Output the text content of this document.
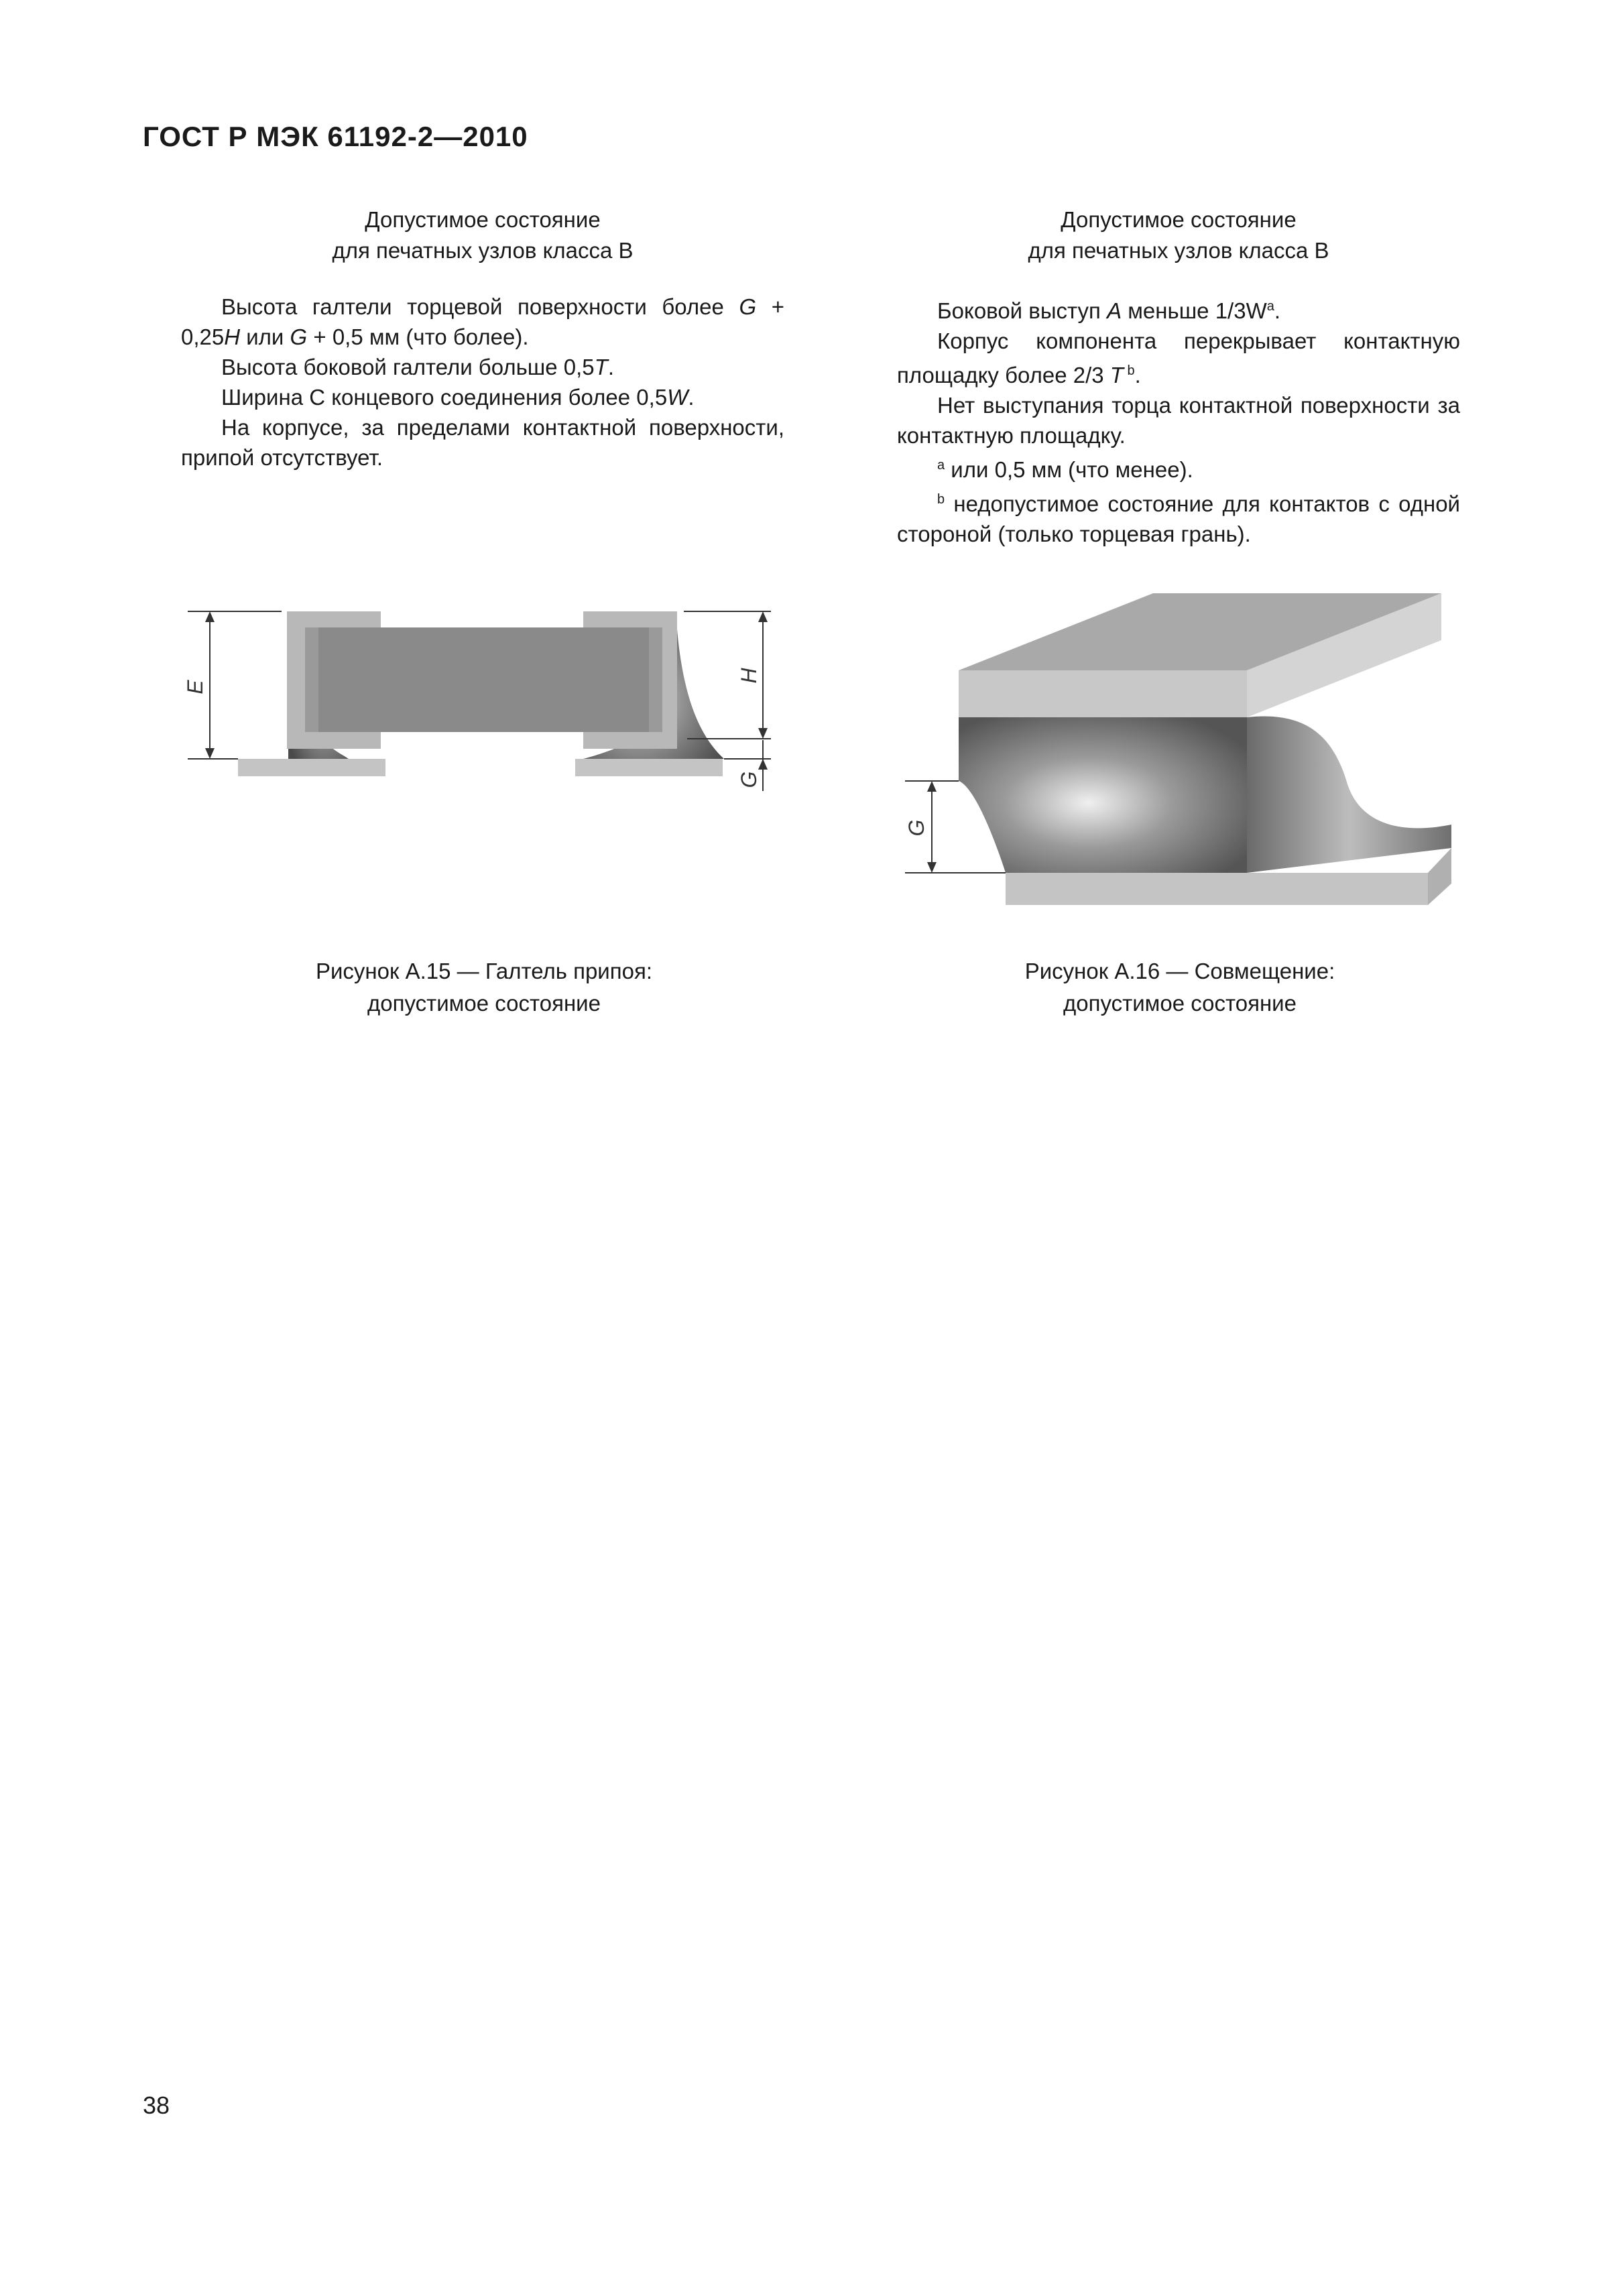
ГОСТ Р МЭК 61192-2—2010

Допустимое состояние

для печатных узлов класса В

Высота галтели торцевой поверхности более G + 0,25H или G + 0,5 мм (что более).

Высота боковой галтели больше 0,5T.

Ширина С концевого соединения более 0,5W.

На корпусе, за пределами контактной поверхности, припой отсутствует.

Допустимое состояние

для печатных узлов класса В

Боковой выступ A меньше $1/3W^a$.

Корпус компонента перекрывает контактную площадку более 2/3 T $^b$.

Нет выступания торца контактной поверхности за контактную площадку.

$^a$ или 0,5 мм (что менее).

$^b$ недопустимое состояние для контактов с одной стороной (только торцевая грань).

E
H
G
G
Рисунок А.15 — Галтель припоя:
допустимое состояние
Рисунок А.16 — Совмещение:
допустимое состояние
38
